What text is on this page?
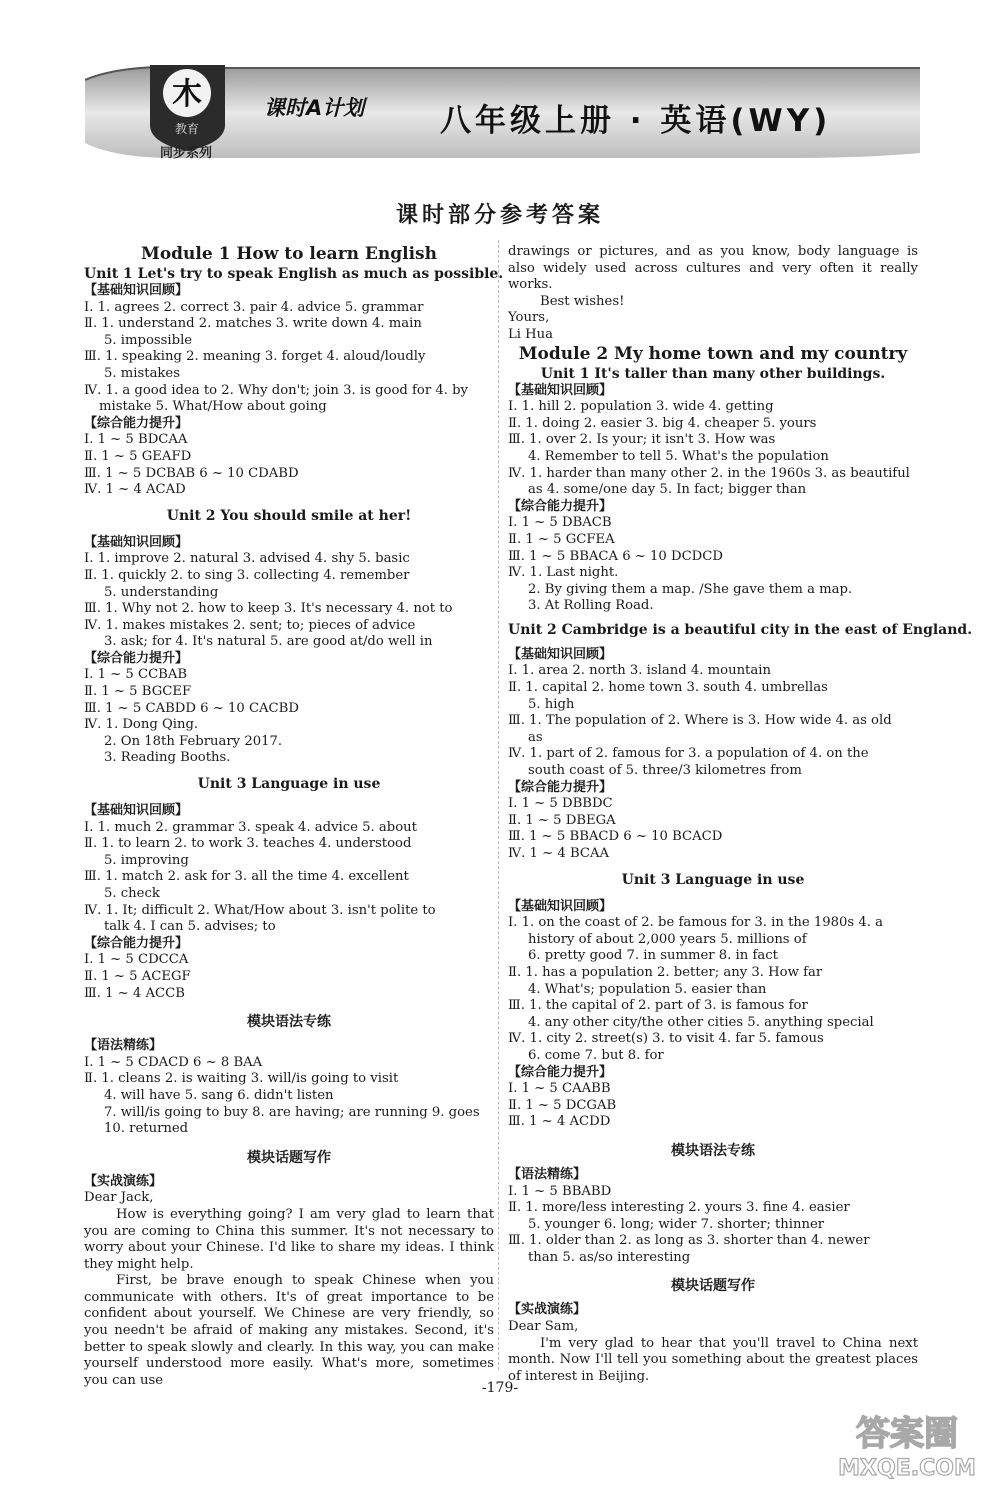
木
教育
同步系列
课时A计划 八年级上册 · 英语(WY)
课时部分参考答案
Module 1 How to learn English
Unit 1 Let's try to speak English as much as possible.
【基础知识回顾】
Ⅰ. 1. agrees 2. correct 3. pair 4. advice 5. grammar
Ⅱ. 1. understand 2. matches 3. write down 4. main
5. impossible
Ⅲ. 1. speaking 2. meaning 3. forget 4. aloud/loudly
5. mistakes
Ⅳ. 1. a good idea to 2. Why don't; join 3. is good for 4. by
mistake 5. What/How about going
【综合能力提升】
Ⅰ. 1 ~ 5 BDCAA
Ⅱ. 1 ~ 5 GEAFD
Ⅲ. 1 ~ 5 DCBAB 6 ~ 10 CDABD
Ⅳ. 1 ~ 4 ACAD
Unit 2 You should smile at her!
【基础知识回顾】
Ⅰ. 1. improve 2. natural 3. advised 4. shy 5. basic
Ⅱ. 1. quickly 2. to sing 3. collecting 4. remember
5. understanding
Ⅲ. 1. Why not 2. how to keep 3. It's necessary 4. not to
Ⅳ. 1. makes mistakes 2. sent; to; pieces of advice
3. ask; for 4. It's natural 5. are good at/do well in
【综合能力提升】
Ⅰ. 1 ~ 5 CCBAB
Ⅱ. 1 ~ 5 BGCEF
Ⅲ. 1 ~ 5 CABDD 6 ~ 10 CACBD
Ⅳ. 1. Dong Qing.
2. On 18th February 2017.
3. Reading Booths.
Unit 3 Language in use
【基础知识回顾】
Ⅰ. 1. much 2. grammar 3. speak 4. advice 5. about
Ⅱ. 1. to learn 2. to work 3. teaches 4. understood
5. improving
Ⅲ. 1. match 2. ask for 3. all the time 4. excellent
5. check
Ⅳ. 1. It; difficult 2. What/How about 3. isn't polite to
talk 4. I can 5. advises; to
【综合能力提升】
Ⅰ. 1 ~ 5 CDCCA
Ⅱ. 1 ~ 5 ACEGF
Ⅲ. 1 ~ 4 ACCB
模块语法专练
【语法精练】
Ⅰ. 1 ~ 5 CDACD 6 ~ 8 BAA
Ⅱ. 1. cleans 2. is waiting 3. will/is going to visit
4. will have 5. sang 6. didn't listen
7. will/is going to buy 8. are having; are running 9. goes
10. returned
模块话题写作
【实战演练】
Dear Jack,
How is everything going? I am very glad to learn that you are coming to China this summer. It's not necessary to worry about your Chinese. I'd like to share my ideas. I think they might help.
First, be brave enough to speak Chinese when you communicate with others. It's of great importance to be confident about yourself. We Chinese are very friendly, so you needn't be afraid of making any mistakes. Second, it's better to speak slowly and clearly. In this way, you can make yourself understood more easily. What's more, sometimes you can use
drawings or pictures, and as you know, body language is also widely used across cultures and very often it really works.
Best wishes!
Yours,
Li Hua
Module 2 My home town and my country
Unit 1 It's taller than many other buildings.
【基础知识回顾】
Ⅰ. 1. hill 2. population 3. wide 4. getting
Ⅱ. 1. doing 2. easier 3. big 4. cheaper 5. yours
Ⅲ. 1. over 2. Is your; it isn't 3. How was
4. Remember to tell 5. What's the population
Ⅳ. 1. harder than many other 2. in the 1960s 3. as beautiful
as 4. some/one day 5. In fact; bigger than
【综合能力提升】
Ⅰ. 1 ~ 5 DBACB
Ⅱ. 1 ~ 5 GCFEA
Ⅲ. 1 ~ 5 BBACA 6 ~ 10 DCDCD
Ⅳ. 1. Last night.
2. By giving them a map. /She gave them a map.
3. At Rolling Road.
Unit 2 Cambridge is a beautiful city in the east of England.
【基础知识回顾】
Ⅰ. 1. area 2. north 3. island 4. mountain
Ⅱ. 1. capital 2. home town 3. south 4. umbrellas
5. high
Ⅲ. 1. The population of 2. Where is 3. How wide 4. as old
as
Ⅳ. 1. part of 2. famous for 3. a population of 4. on the
south coast of 5. three/3 kilometres from
【综合能力提升】
Ⅰ. 1 ~ 5 DBBDC
Ⅱ. 1 ~ 5 DBEGA
Ⅲ. 1 ~ 5 BBACD 6 ~ 10 BCACD
Ⅳ. 1 ~ 4 BCAA
Unit 3 Language in use
【基础知识回顾】
Ⅰ. 1. on the coast of 2. be famous for 3. in the 1980s 4. a
history of about 2,000 years 5. millions of
6. pretty good 7. in summer 8. in fact
Ⅱ. 1. has a population 2. better; any 3. How far
4. What's; population 5. easier than
Ⅲ. 1. the capital of 2. part of 3. is famous for
4. any other city/the other cities 5. anything special
Ⅳ. 1. city 2. street(s) 3. to visit 4. far 5. famous
6. come 7. but 8. for
【综合能力提升】
Ⅰ. 1 ~ 5 CAABB
Ⅱ. 1 ~ 5 DCGAB
Ⅲ. 1 ~ 4 ACDD
模块语法专练
【语法精练】
Ⅰ. 1 ~ 5 BBABD
Ⅱ. 1. more/less interesting 2. yours 3. fine 4. easier
5. younger 6. long; wider 7. shorter; thinner
Ⅲ. 1. older than 2. as long as 3. shorter than 4. newer
than 5. as/so interesting
模块话题写作
【实战演练】
Dear Sam,
I'm very glad to hear that you'll travel to China next month. Now I'll tell you something about the greatest places of interest in Beijing.
-179-
答案圈
MXQE.COM
